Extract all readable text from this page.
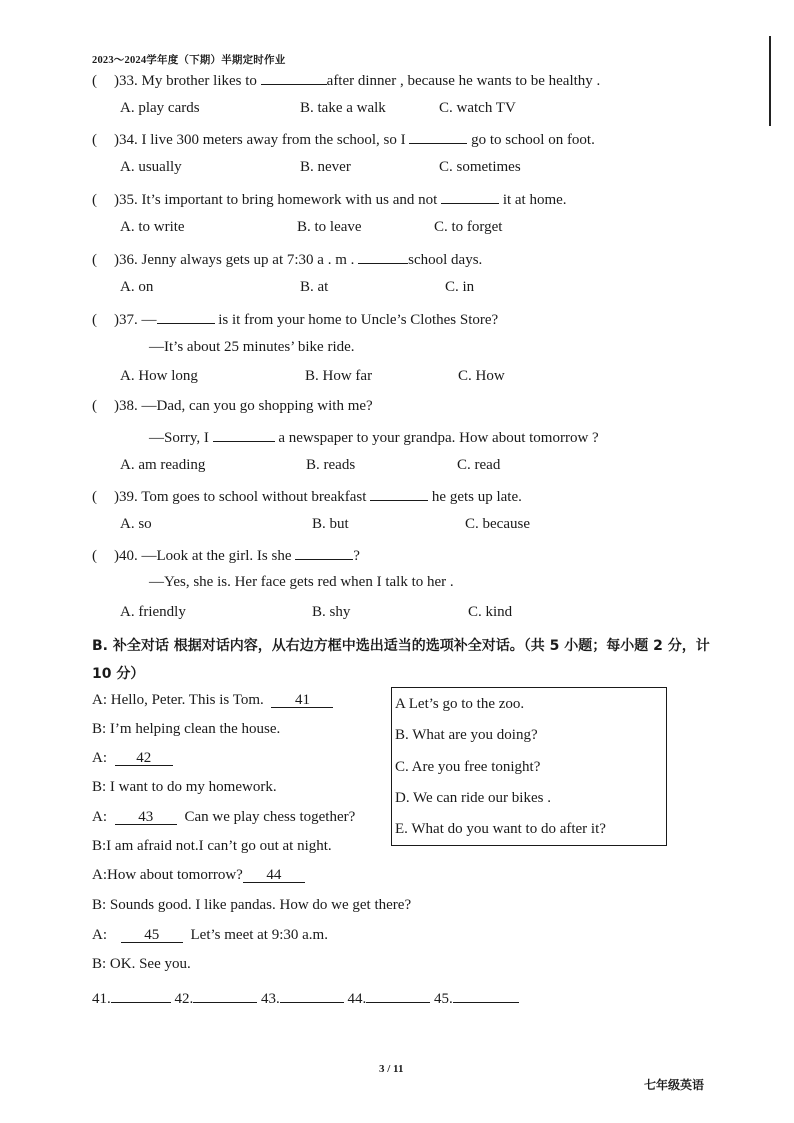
2023～2024学年度（下期）半期定时作业
( )33. My brother likes to	after dinner , because he wants to be healthy .
A. play cards	B. take a walk	C. watch TV
( )34. I live 300 meters away from the school, so I	go to school on foot.
A. usually	B. never	C. sometimes
( )35. It’s important to bring homework with us and not	it at home.
A. to write	B. to leave	C. to forget
( )36. Jenny always gets up at 7:30 a . m .	school days.
A. on	B. at	C. in
( )37. —	is it from your home to Uncle’s Clothes Store?
—It’s about 25 minutes’ bike ride.
A. How long	B. How far	C. How
( )38. —Dad, can you go shopping with me?
—Sorry, I	a newspaper to your grandpa. How about tomorrow ?
A. am reading	B. reads	C. read
( )39. Tom goes to school without breakfast	he gets up late.
A. so	B. but	C. because
( )40. —Look at the girl. Is she	?
—Yes, she is. Her face gets red when I talk to her .
A. friendly	B. shy	C. kind
B. 补全对话 根据对话内容，从右边方框中选出适当的选项补全对话。（共 5 小题；每小题 2 分，计 10 分）
A: Hello, Peter. This is Tom. 41
B: I’m helping clean the house.
A: 42
B: I want to do my homework.
A: 43 Can we play chess together?
B:I am afraid not.I can’t go out at night.
A:How about tomorrow? 44
B: Sounds good. I like pandas. How do we get there?
A: 45 Let’s meet at 9:30 a.m.
B: OK. See you.
A Let’s go to the zoo.
B. What are you doing?
C. Are you free tonight?
D. We can ride our bikes .
E. What do you want to do after it?
41.	42.	43.	44.	45.
3 / 11
七年级英语
